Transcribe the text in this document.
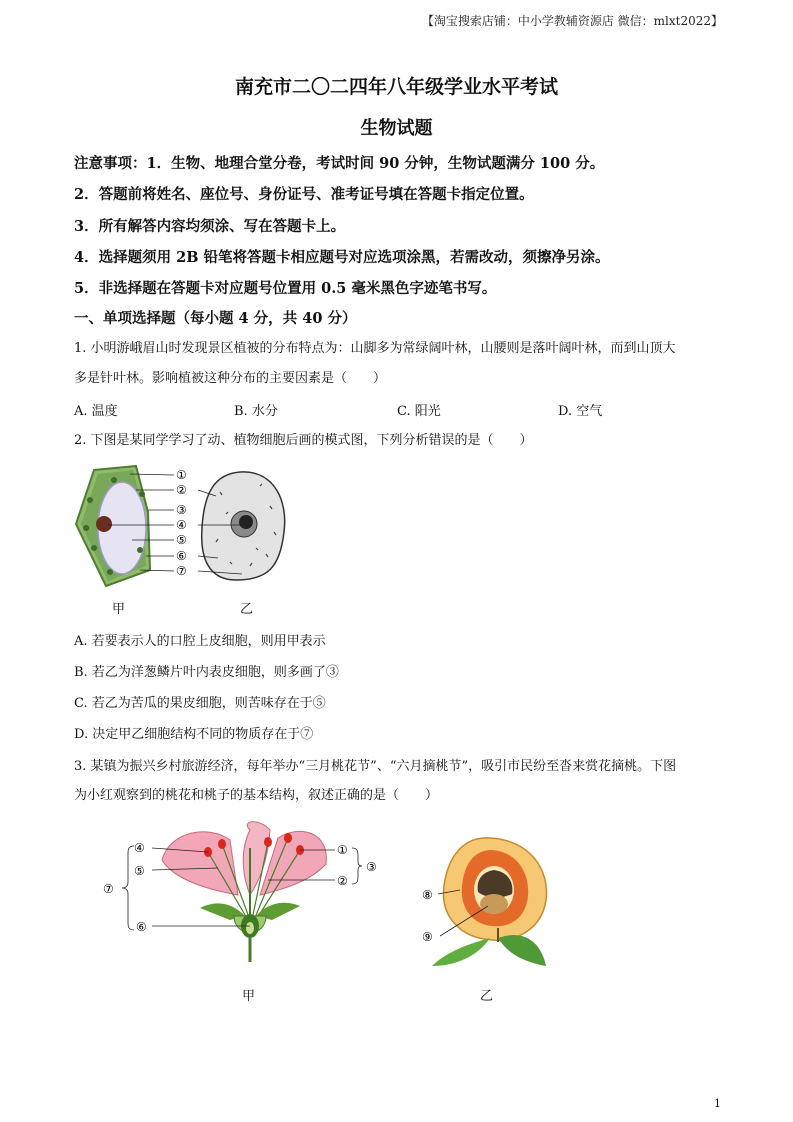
【淘宝搜索店铺：中小学教辅资源店 微信：mlxt2022】
南充市二〇二四年八年级学业水平考试
生物试题
注意事项：1．生物、地理合堂分卷，考试时间 90 分钟，生物试题满分 100 分。
2．答题前将姓名、座位号、身份证号、准考证号填在答题卡指定位置。
3．所有解答内容均须涂、写在答题卡上。
4．选择题须用 2B 铅笔将答题卡相应题号对应选项涂黑，若需改动，须擦净另涂。
5．非选择题在答题卡对应题号位置用 0.5 毫米黑色字迹笔书写。
一、单项选择题（每小题 4 分，共 40 分）
1. 小明游峨眉山时发现景区植被的分布特点为：山脚多为常绿阔叶林，山腰则是落叶阔叶林，而到山顶大
多是针叶林。影响植被这种分布的主要因素是（　　）
A. 温度	B. 水分	C. 阳光	D. 空气
2. 下图是某同学学习了动、植物细胞后画的模式图，下列分析错误的是（　　）
①
②
③
④
⑤
⑥
⑦
甲	乙
A. 若要表示人的口腔上皮细胞，则用甲表示
B. 若乙为洋葱鳞片叶内表皮细胞，则多画了③
C. 若乙为苦瓜的果皮细胞，则苦味存在于⑤
D. 决定甲乙细胞结构不同的物质存在于⑦
3. 某镇为振兴乡村旅游经济，每年举办“三月桃花节”、“六月摘桃节”，吸引市民纷至沓来赏花摘桃。下图
为小红观察到的桃花和桃子的基本结构，叙述正确的是（　　）
④
⑤
⑦
⑥
①
②
③
⑧
⑨
甲	乙
1
